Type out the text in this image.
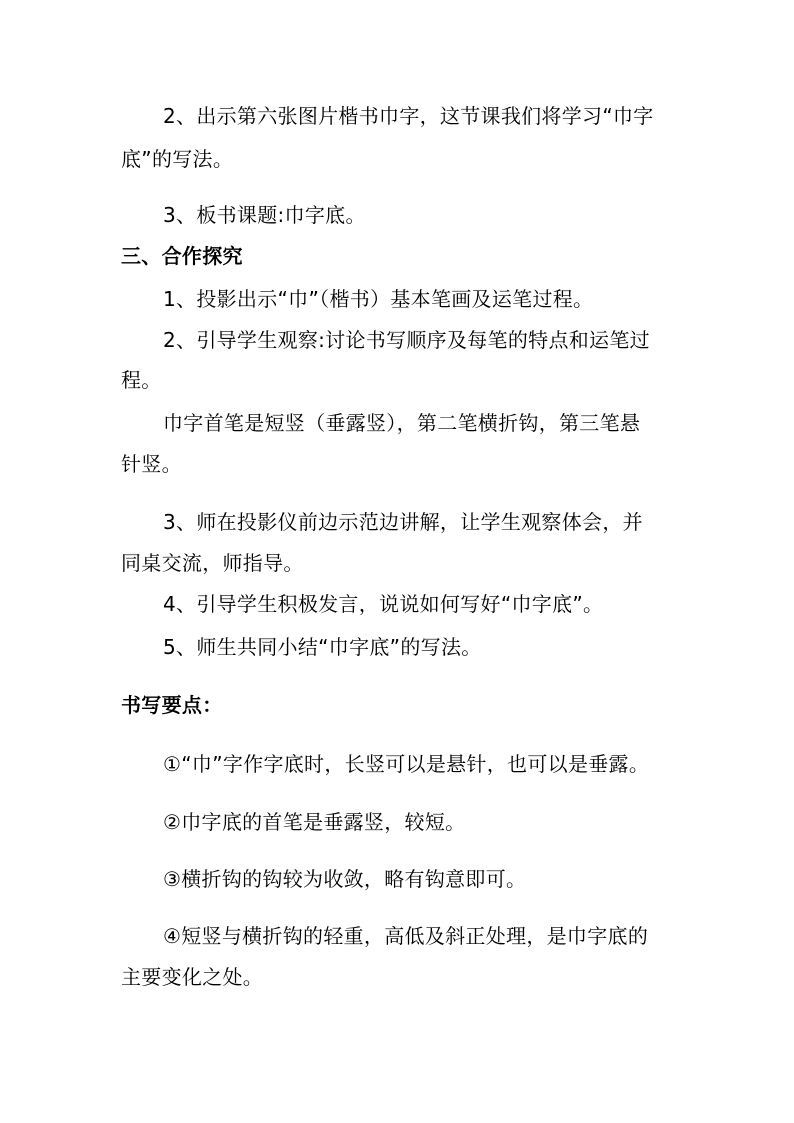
2、出示第六张图片楷书巾字，这节课我们将学习“巾字
底”的写法。
3、板书课题:巾字底。
三、合作探究
1、投影出示“巾”（楷书）基本笔画及运笔过程。
2、引导学生观察:讨论书写顺序及每笔的特点和运笔过
程。
巾字首笔是短竖（垂露竖），第二笔横折钩，第三笔悬
针竖。
3、师在投影仪前边示范边讲解，让学生观察体会，并
同桌交流，师指导。
4、引导学生积极发言，说说如何写好“巾字底”。
5、师生共同小结“巾字底”的写法。
书写要点：
①“巾”字作字底时，长竖可以是悬针，也可以是垂露。
②巾字底的首笔是垂露竖，较短。
③横折钩的钩较为收敛，略有钩意即可。
④短竖与横折钩的轻重，高低及斜正处理，是巾字底的
主要变化之处。
